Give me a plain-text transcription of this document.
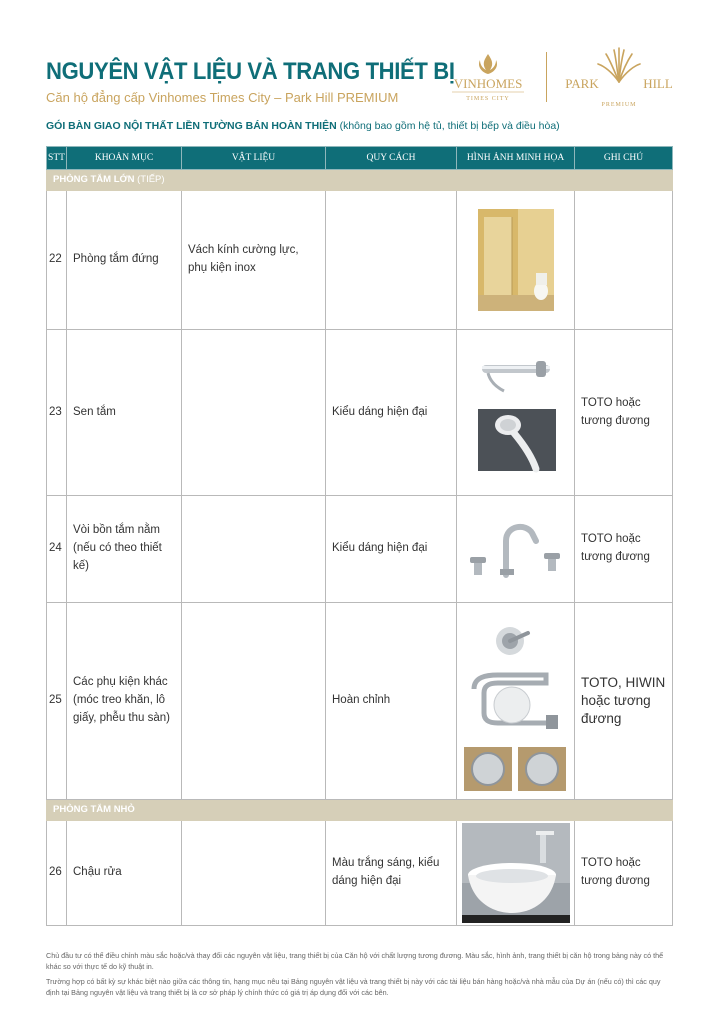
NGUYÊN VẬT LIỆU VÀ TRANG THIẾT BỊ
Căn hộ đẳng cấp Vinhomes Times City – Park Hill PREMIUM
VINHOMES
TIMES CITY
PARK	HILL
PREMIUM
GÓI BÀN GIAO NỘI THẤT LIỀN TƯỜNG BÁN HOÀN THIỆN (không bao gồm hệ tủ, thiết bị bếp và điều hòa)
STT	KHOẢN MỤC	VẬT LIỆU	QUY CÁCH	HÌNH ẢNH MINH HỌA	GHI CHÚ
PHÒNG TẮM LỚN (TIẾP)					
22	Phòng tắm đứng	Vách kính cường lực, phụ kiện inox		

23	Sen tắm		Kiểu dáng hiện đại		TOTO hoặc tương đương
24	Vòi bồn tắm nằm (nếu có theo thiết kế)		Kiểu dáng hiện đại		TOTO hoặc tương đương
25	Các phụ kiện khác (móc treo khăn, lô giấy, phễu thu sàn)		Hoàn chỉnh		TOTO, HIWIN hoặc tương đương
PHÒNG TẮM NHỎ					
26	Chậu rửa		Màu trắng sáng, kiểu dáng hiện đại		TOTO hoặc tương đương
Chủ đầu tư có thể điều chỉnh màu sắc hoặc/và thay đổi các nguyên vật liệu, trang thiết bị của Căn hộ với chất lượng tương đương. Màu sắc, hình ảnh, trang thiết bị căn hộ trong bảng này có thể khác so với thực tế do kỹ thuật in.
Trường hợp có bất kỳ sự khác biệt nào giữa các thông tin, hạng mục nêu tại Bảng nguyên vật liệu và trang thiết bị này với các tài liệu bán hàng hoặc/và nhà mẫu của Dự án (nếu có) thì các quy định tại Bảng nguyên vật liệu và trang thiết bị là cơ sở pháp lý chính thức có giá trị áp dụng đối với các bên.
